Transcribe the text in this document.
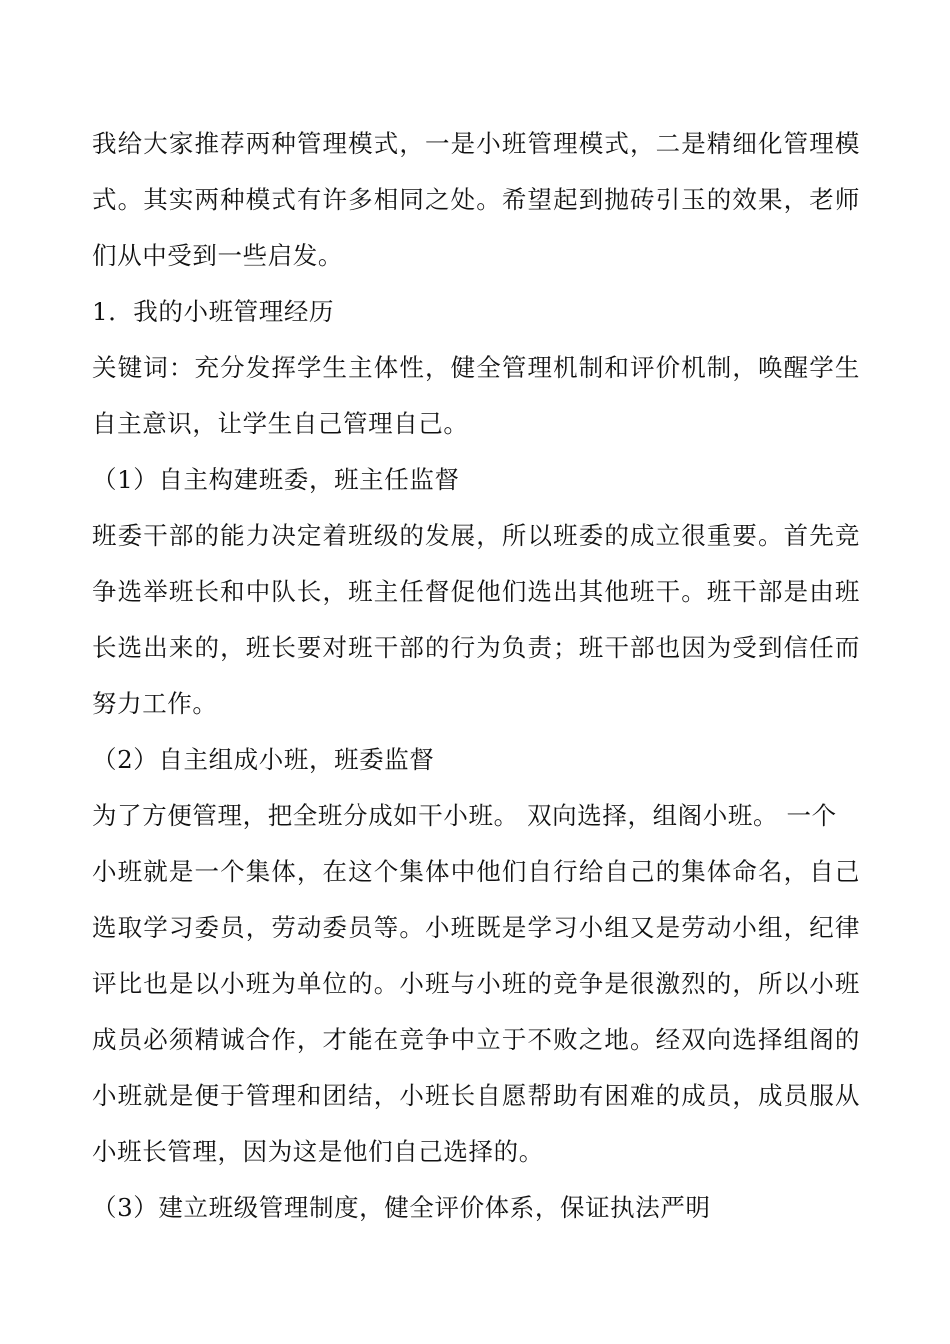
我给大家推荐两种管理模式，一是小班管理模式，二是精细化管理模
式。其实两种模式有许多相同之处。希望起到抛砖引玉的效果，老师
们从中受到一些启发。
1．我的小班管理经历
关键词：充分发挥学生主体性，健全管理机制和评价机制，唤醒学生
自主意识，让学生自己管理自己。
（1）自主构建班委，班主任监督
班委干部的能力决定着班级的发展，所以班委的成立很重要。首先竞
争选举班长和中队长，班主任督促他们选出其他班干。班干部是由班
长选出来的，班长要对班干部的行为负责；班干部也因为受到信任而
努力工作。
（2）自主组成小班，班委监督
为了方便管理，把全班分成如干小班。 双向选择，组阁小班。 一个
小班就是一个集体，在这个集体中他们自行给自己的集体命名，自己
选取学习委员，劳动委员等。小班既是学习小组又是劳动小组，纪律
评比也是以小班为单位的。小班与小班的竞争是很激烈的，所以小班
成员必须精诚合作，才能在竞争中立于不败之地。经双向选择组阁的
小班就是便于管理和团结，小班长自愿帮助有困难的成员，成员服从
小班长管理，因为这是他们自己选择的。
（3）建立班级管理制度，健全评价体系，保证执法严明
